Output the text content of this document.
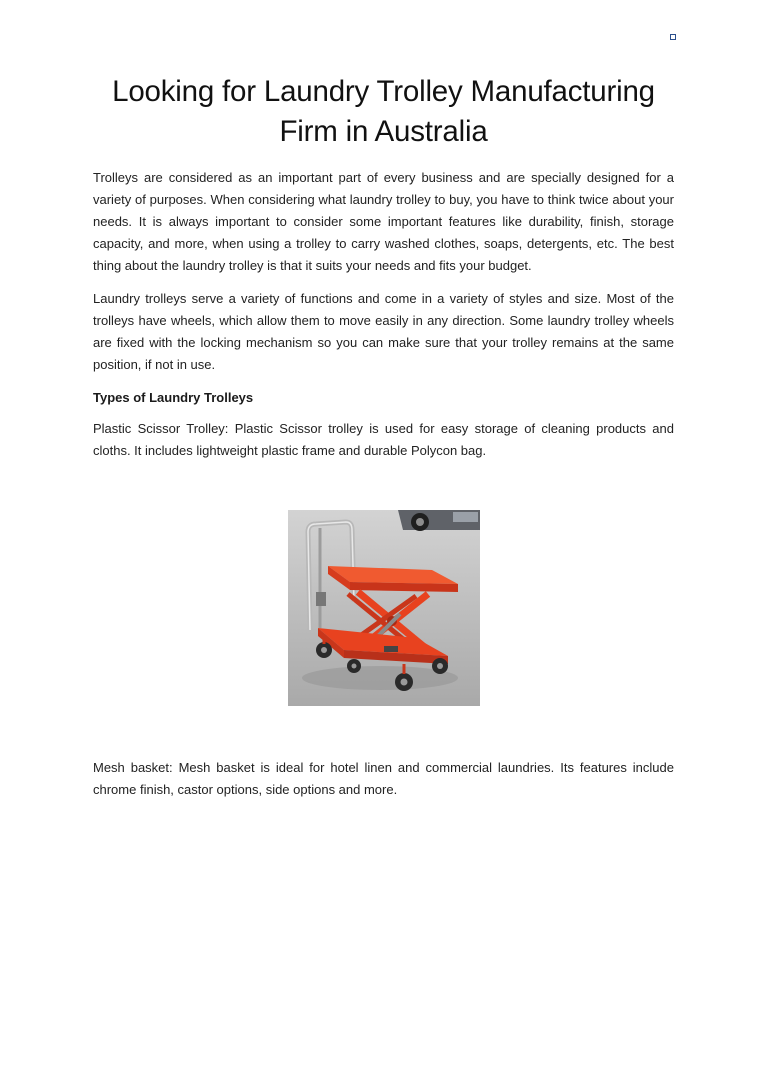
Looking for Laundry Trolley Manufacturing Firm in Australia

Trolleys are considered as an important part of every business and are specially designed for a variety of purposes. When considering what laundry trolley to buy, you have to think twice about your needs. It is always important to consider some important features like durability, finish, storage capacity, and more, when using a trolley to carry washed clothes, soaps, detergents, etc. The best thing about the laundry trolley is that it suits your needs and fits your budget.

Laundry trolleys serve a variety of functions and come in a variety of styles and size. Most of the trolleys have wheels, which allow them to move easily in any direction. Some laundry trolley wheels are fixed with the locking mechanism so you can make sure that your trolley remains at the same position, if not in use.

Types of Laundry Trolleys

Plastic Scissor Trolley: Plastic Scissor trolley is used for easy storage of cleaning products and cloths. It includes lightweight plastic frame and durable Polycon bag.

Mesh basket: Mesh basket is ideal for hotel linen and commercial laundries. Its features include chrome finish, castor options, side options and more.
